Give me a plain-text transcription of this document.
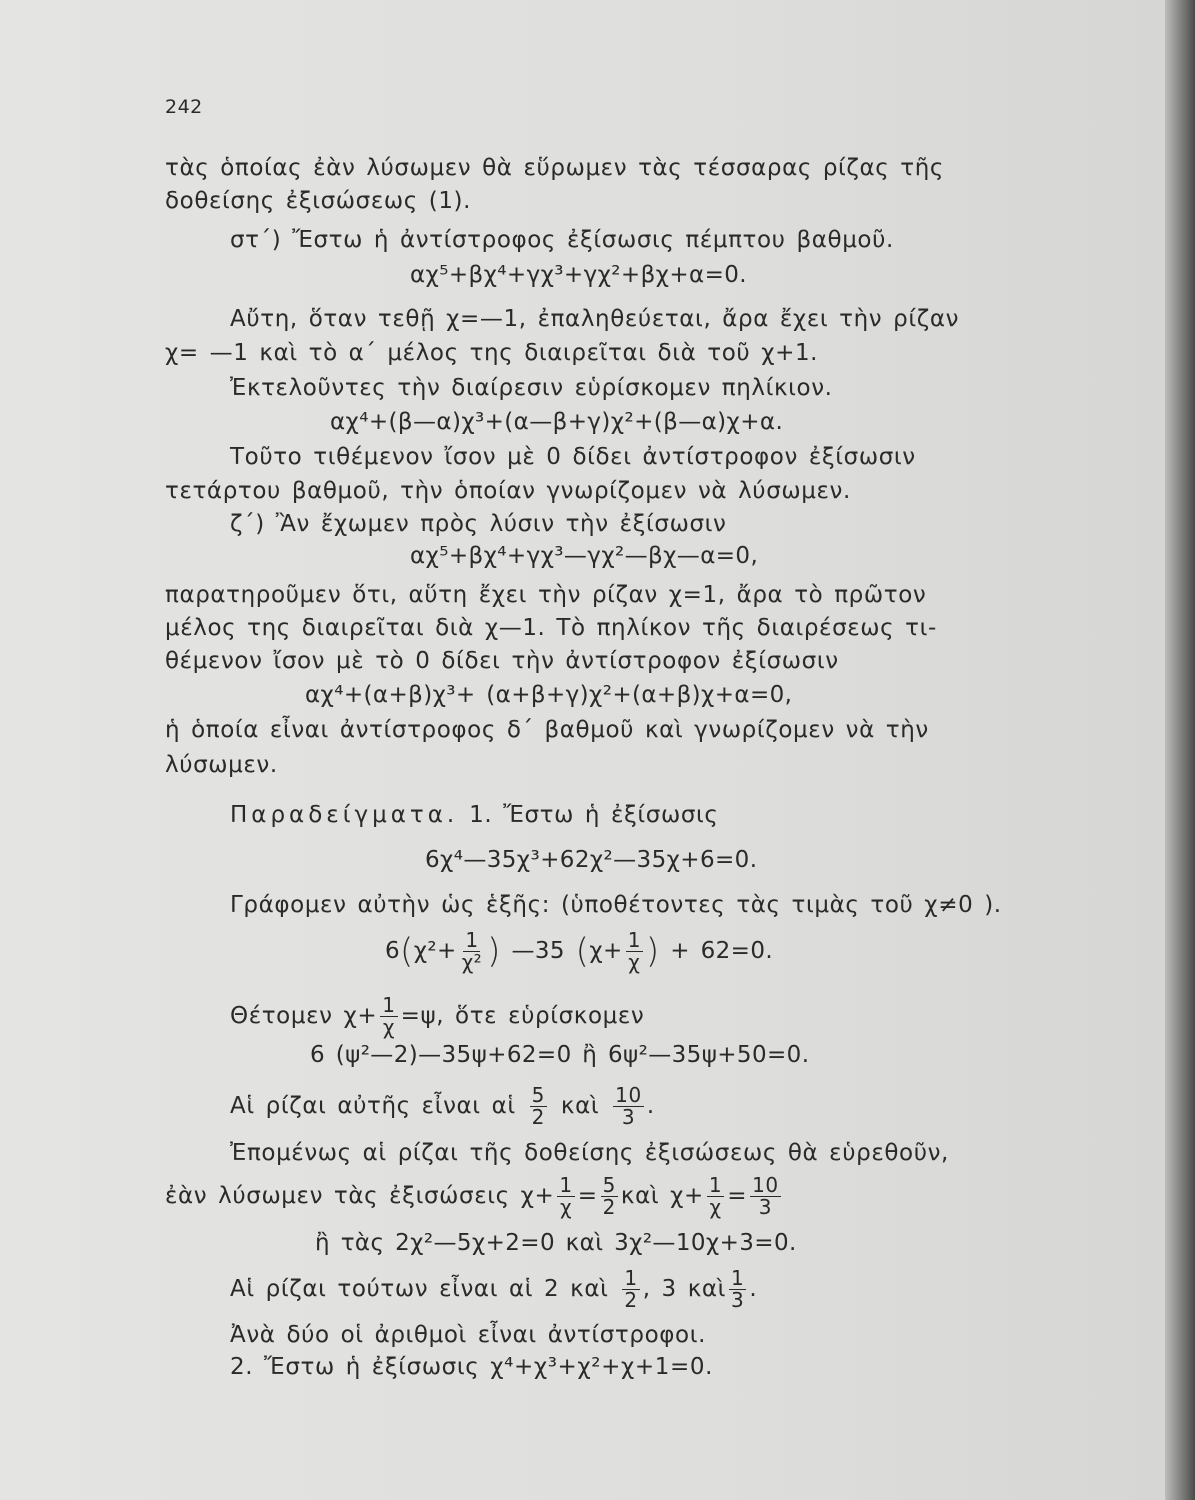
242
τὰς ὁποίας ἐὰν λύσωμεν θὰ εὕρωμεν τὰς τέσσαρας ρίζας τῆς
δοθείσης ἐξισώσεως (1).
στ΄) Ἔστω ἡ ἀντίστροφος ἐξίσωσις πέμπτου βαθμοῦ.
αχ⁵+βχ⁴+γχ³+γχ²+βχ+α=0.
Αὔτη, ὅταν τεθῇ χ=—1, ἐπαληθεύεται, ἄρα ἔχει τὴν ρίζαν
χ= —1 καὶ τὸ α΄ μέλος της διαιρεῖται διὰ τοῦ χ+1.
Ἐκτελοῦντες τὴν διαίρεσιν εὑρίσκομεν πηλίκιον.
αχ⁴+(β—α)χ³+(α—β+γ)χ²+(β—α)χ+α.
Τοῦτο τιθέμενον ἴσον μὲ 0 δίδει ἀντίστροφον ἐξίσωσιν
τετάρτου βαθμοῦ, τὴν ὁποίαν γνωρίζομεν νὰ λύσωμεν.
ζ΄) Ἂν ἔχωμεν πρὸς λύσιν τὴν ἐξίσωσιν
αχ⁵+βχ⁴+γχ³—γχ²—βχ—α=0,
παρατηροῦμεν ὅτι, αὕτη ἔχει τὴν ρίζαν χ=1, ἄρα τὸ πρῶτον
μέλος της διαιρεῖται διὰ χ—1. Τὸ πηλίκον τῆς διαιρέσεως τι-
θέμενον ἴσον μὲ τὸ 0 δίδει τὴν ἀντίστροφον ἐξίσωσιν
αχ⁴+(α+β)χ³+ (α+β+γ)χ²+(α+β)χ+α=0,
ἡ ὁποία εἶναι ἀντίστροφος δ΄ βαθμοῦ καὶ γνωρίζομεν νὰ τὴν
λύσωμεν.
Παραδείγματα. 1. Ἔστω ἡ ἐξίσωσις
6χ⁴—35χ³+62χ²—35χ+6=0.
Γράφομεν αὐτὴν ὡς ἑξῆς: (ὑποθέτοντες τὰς τιμὰς τοῦ χ≠0 ).
$6(\chi^2+ \frac{1}{\text{χ²}}$ ) —35 ($\chi+ \frac{1}{\chi}$ ) + 62=0.
Θέτομεν $\chi+ \frac{1}{\chi} =\psi$, ὅτε εὑρίσκομεν
6 (ψ²—2)—35ψ+62=0 ἢ 6ψ²—35ψ+50=0.
Αἱ ρίζαι αὐτῆς εἶναι αἱ $\frac{5}{2}$ καὶ $\frac{10}{3}$ .
Ἐπομένως αἱ ρίζαι τῆς δοθείσης ἐξισώσεως θὰ εὑρεθοῦν,
ἐὰν λύσωμεν τὰς ἐξισώσεις $\chi+ \frac{1}{\chi} = \frac{5}{2}$ καὶ $\chi+ \frac{1}{\chi} = \frac{10}{3}$
ἢ τὰς 2χ²—5χ+2=0 καὶ 3χ²—10χ+3=0.
Αἱ ρίζαι τούτων εἶναι αἱ 2 καὶ $\frac{1}{2}$ , 3 καὶ $\frac{1}{3}$ .
Ἀνὰ δύο οἱ ἀριθμοὶ εἶναι ἀντίστροφοι.
2. Ἔστω ἡ ἐξίσωσις χ⁴+χ³+χ²+χ+1=0.
